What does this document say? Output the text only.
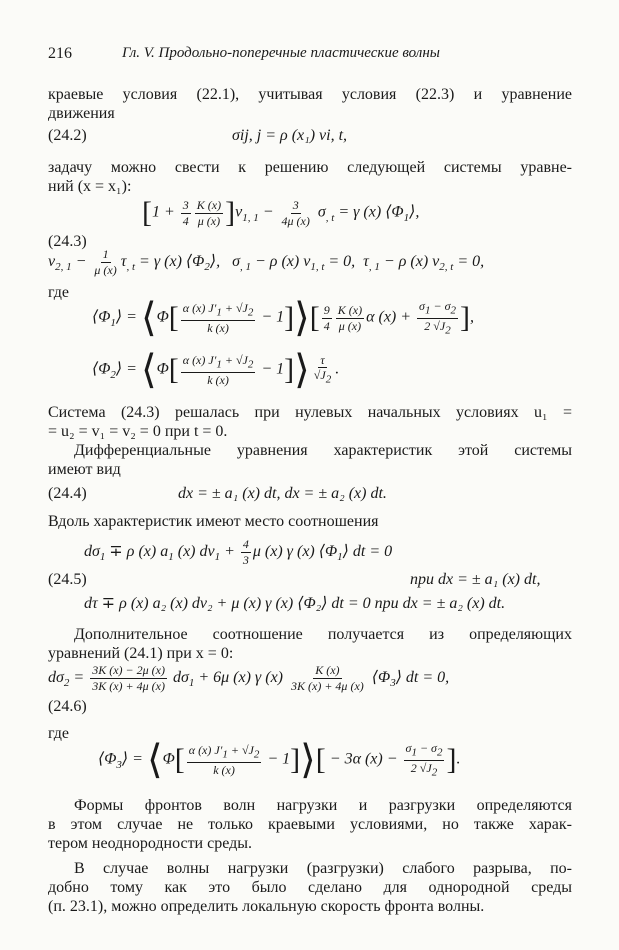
216	Гл. V. Продольно-поперечные пластические волны
краевые условия (22.1), учитывая условия (22.3) и уравнение
движения
(24.2)	σij, j = ρ (x₁) vi, t,
задачу можно свести к решению следующей системы уравне-
ний (x = x₁):
$[1 + \frac{3}{4} \frac{K (x)}{\mu (x)} ]v_{1, 1} - \frac{3}{4\mu (x)} \sigma_{, t} = \gamma$ (x) $⟨\Phi_1⟩$,
(24.3)
$v_{2, 1} - \frac{1}{\mu (x)} \tau_{, t} = \gamma$ (x) $⟨\Phi_2⟩$,   $\sigma_{, 1} - \rho$ (x) $v_{1, t} = 0$,  $\tau_{, 1} - \rho$ (x) $v_{2, t} = 0$,
где
$⟨\Phi_1⟩$ = ⟨Φ[ $\frac{\alpha (x) J'_1 + √J_2}{k (x)}$ − 1]⟩[ $\frac{9}{4} \frac{K (x)}{\mu (x)}$ α $(x) + \frac{\sigma_1 - \sigma_2}{2 √J_2}$ ],
$⟨\Phi_2⟩$ = ⟨Φ[ $\frac{\alpha (x) J'_1 + √J_2}{k (x)}$ − 1]⟩ $\frac{\tau}{√J_2}$ .
Система (24.3) решалась при нулевых начальных условиях u₁ =
= u₂ = v₁ = v₂ = 0 при t = 0.
Дифференциальные уравнения характеристик этой системы
имеют вид
(24.4)	dx = ± a₁ (x) dt, dx = ± a₂ (x) dt.
Вдоль характеристик имеют место соотношения
$d\sigma_1 \mp \rho$ (x) $a_1$ (x) $dv_1 + \frac{4}{3}$ μ (x) γ (x) $⟨\Phi_1⟩$ dt = 0
(24.5)	при dx = ± a₁ (x) dt,
dτ ∓ ρ (x) a₂ (x) dv₂ + μ (x) γ (x) ⟨Φ₂⟩ dt = 0 при dx = ± a₂ (x) dt.
Дополнительное соотношение получается из определяющих
уравнений (24.1) при x = 0:
$d\sigma_2 = \frac{3K (x) - 2\mu (x)}{3K (x) + 4\mu (x)} d\sigma_1 + 6\mu$ (x) γ $(x) \frac{K (x)}{3K (x) + 4\mu (x)}$ $⟨\Phi_3⟩$ dt = 0,
(24.6)
где
$⟨\Phi_3⟩$ = ⟨Φ[ $\frac{\alpha (x) J'_1 + √J_2}{k (x)}$ − 1]⟩[ − 3α $(x) - \frac{\sigma_1 - \sigma_2}{2 √J_2}$ ].
Формы фронтов волн нагрузки и разгрузки определяются
в этом случае не только краевыми условиями, но также харак-
тером неоднородности среды.
В случае волны нагрузки (разгрузки) слабого разрыва, по-
добно тому как это было сделано для однородной среды
(п. 23.1), можно определить локальную скорость фронта волны.
